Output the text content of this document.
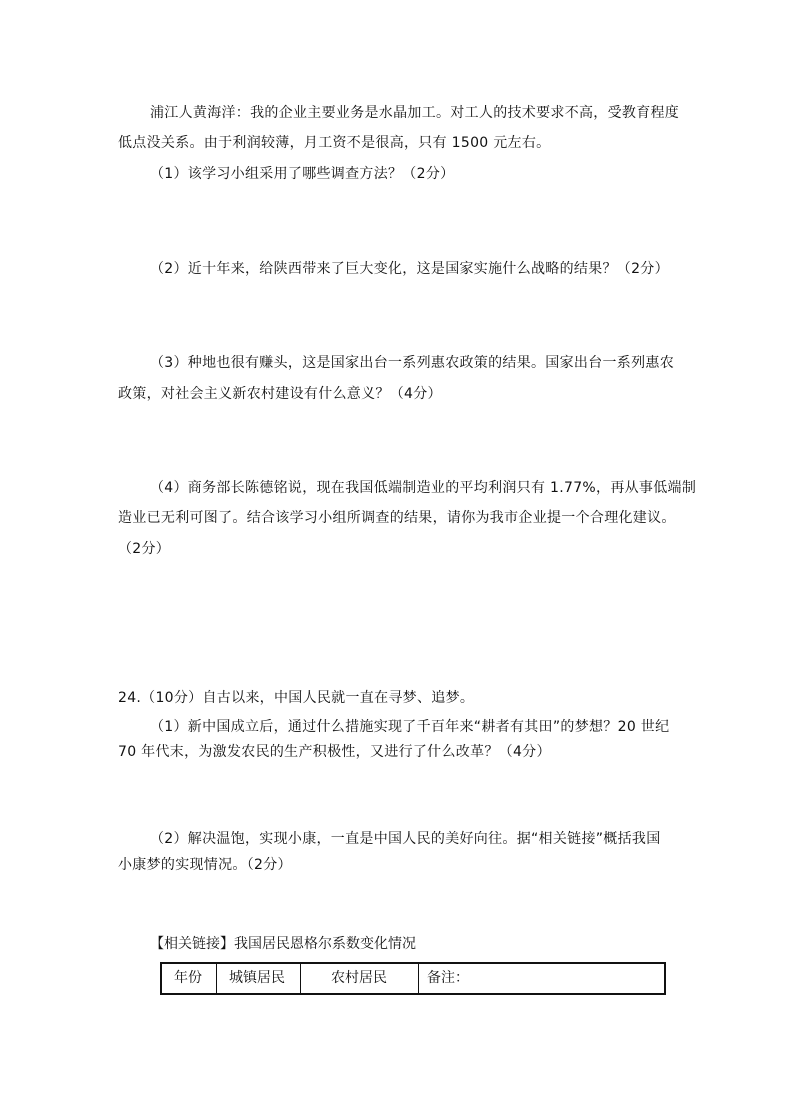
浦江人黄海洋：我的企业主要业务是水晶加工。对工人的技术要求不高，受教育程度
低点没关系。由于利润较薄，月工资不是很高，只有 1500 元左右。
（1）该学习小组采用了哪些调查方法？（2分）
（2）近十年来，给陕西带来了巨大变化，这是国家实施什么战略的结果？（2分）
（3）种地也很有赚头，这是国家出台一系列惠农政策的结果。国家出台一系列惠农
政策，对社会主义新农村建设有什么意义？（4分）
（4）商务部长陈德铭说，现在我国低端制造业的平均利润只有 1.77%，再从事低端制
造业已无利可图了。结合该学习小组所调查的结果，请你为我市企业提一个合理化建议。
（2分）
24.（10分）自古以来，中国人民就一直在寻梦、追梦。
（1）新中国成立后，通过什么措施实现了千百年来“耕者有其田”的梦想？20 世纪
70 年代末，为激发农民的生产积极性，又进行了什么改革？（4分）
（2）解决温饱，实现小康，一直是中国人民的美好向往。据“相关链接”概括我国
小康梦的实现情况。（2分）
【相关链接】我国居民恩格尔系数变化情况
年份	城镇居民	农村居民	备注：
